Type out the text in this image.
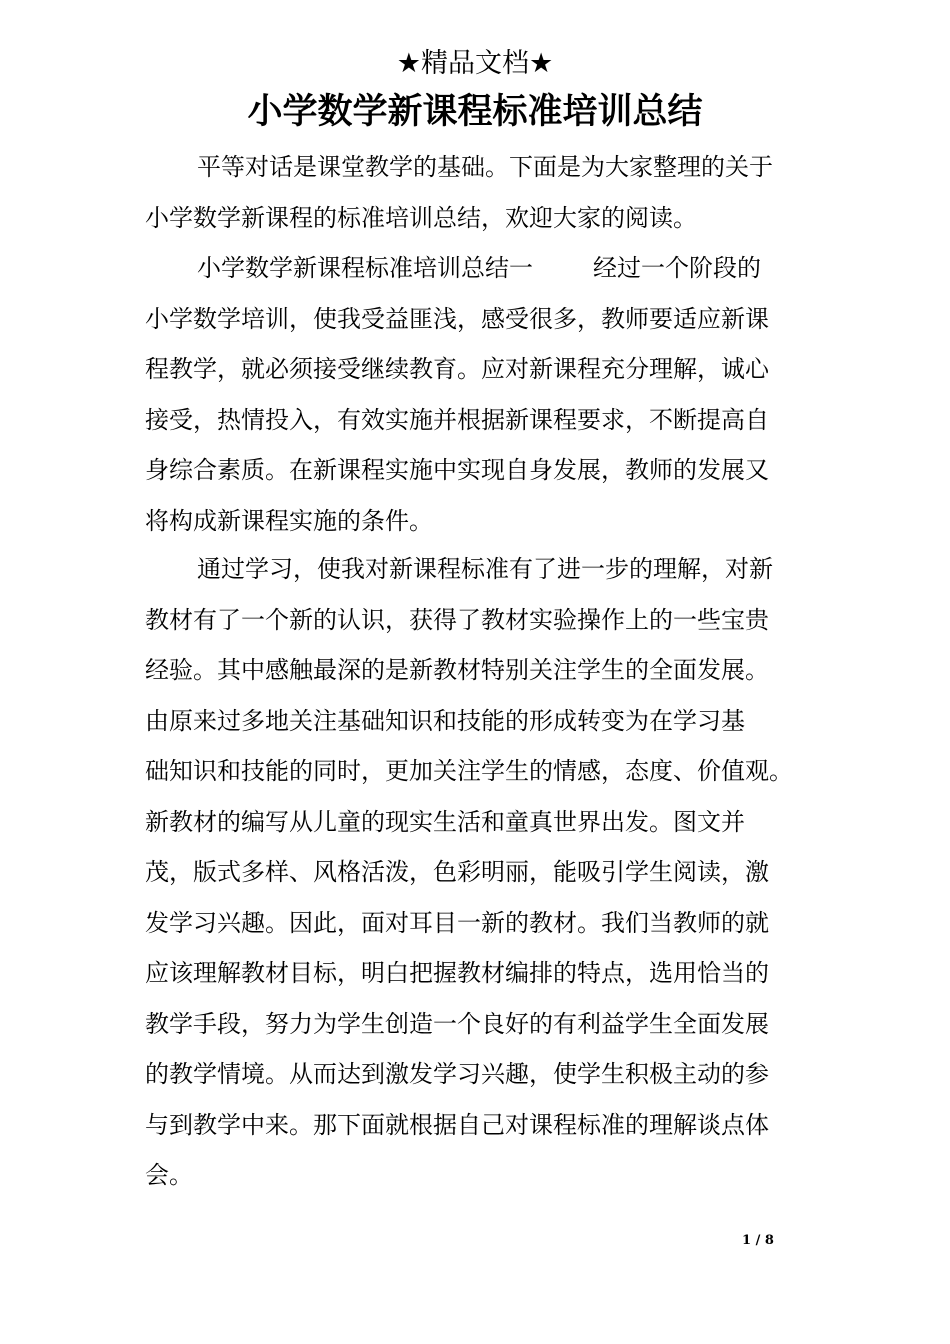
★精品文档★
小学数学新课程标准培训总结
平等对话是课堂教学的基础。下面是为大家整理的关于
小学数学新课程的标准培训总结，欢迎大家的阅读。
小学数学新课程标准培训总结一	经过一个阶段的
小学数学培训，使我受益匪浅，感受很多，教师要适应新课
程教学，就必须接受继续教育。应对新课程充分理解，诚心
接受，热情投入，有效实施并根据新课程要求，不断提高自
身综合素质。在新课程实施中实现自身发展，教师的发展又
将构成新课程实施的条件。
通过学习，使我对新课程标准有了进一步的理解，对新
教材有了一个新的认识，获得了教材实验操作上的一些宝贵
经验。其中感触最深的是新教材特别关注学生的全面发展。
由原来过多地关注基础知识和技能的形成转变为在学习基
础知识和技能的同时，更加关注学生的情感，态度、价值观。
新教材的编写从儿童的现实生活和童真世界出发。图文并
茂，版式多样、风格活泼，色彩明丽，能吸引学生阅读，激
发学习兴趣。因此，面对耳目一新的教材。我们当教师的就
应该理解教材目标，明白把握教材编排的特点，选用恰当的
教学手段，努力为学生创造一个良好的有利益学生全面发展
的教学情境。从而达到激发学习兴趣，使学生积极主动的参
与到教学中来。那下面就根据自己对课程标准的理解谈点体
会。
1 / 8
